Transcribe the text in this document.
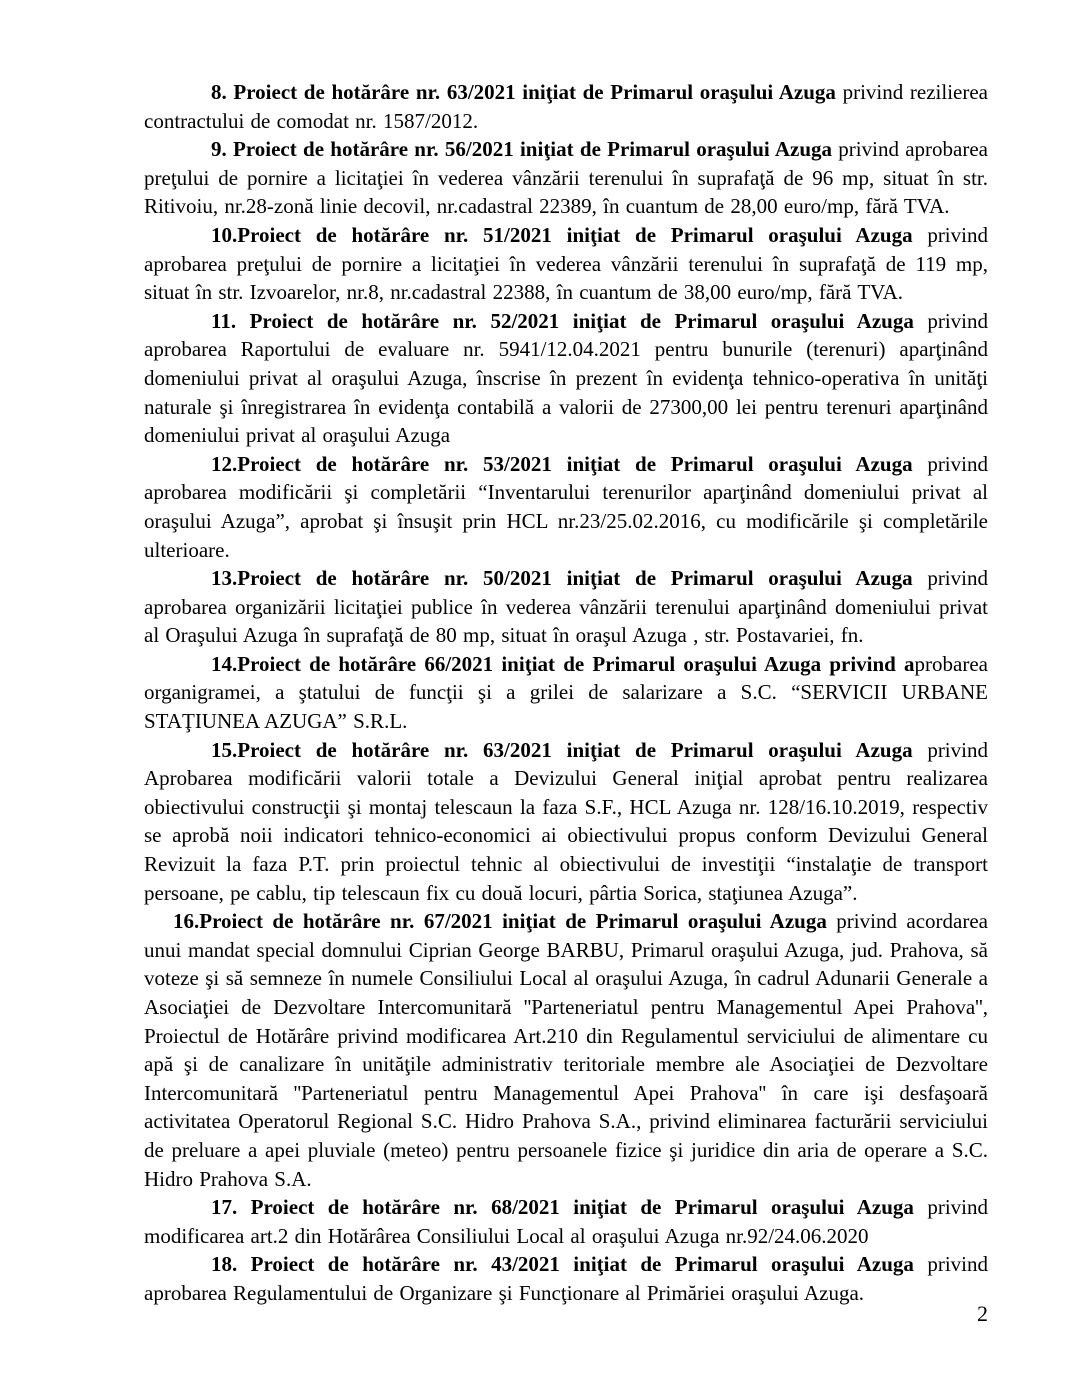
8. Proiect de hotărâre nr. 63/2021 iniţiat de Primarul oraşului Azuga privind rezilierea contractului de comodat nr. 1587/2012.

9. Proiect de hotărâre nr. 56/2021 iniţiat de Primarul oraşului Azuga privind aprobarea preţului de pornire a licitaţiei în vederea vânzării terenului în suprafaţă de 96 mp, situat în str. Ritivoiu, nr.28-zonă linie decovil, nr.cadastral 22389, în cuantum de 28,00 euro/mp, fără TVA.

10.Proiect de hotărâre nr. 51/2021 iniţiat de Primarul oraşului Azuga privind aprobarea preţului de pornire a licitaţiei în vederea vânzării terenului în suprafaţă de 119 mp, situat în str. Izvoarelor, nr.8, nr.cadastral 22388, în cuantum de 38,00 euro/mp, fără TVA.

11. Proiect de hotărâre nr. 52/2021 iniţiat de Primarul oraşului Azuga privind aprobarea Raportului de evaluare nr. 5941/12.04.2021 pentru bunurile (terenuri) aparţinând domeniului privat al oraşului Azuga, înscrise în prezent în evidenţa tehnico-operativa în unităţi naturale şi înregistrarea în evidenţa contabilă a valorii de 27300,00 lei pentru terenuri aparţinând domeniului privat al oraşului Azuga

12.Proiect de hotărâre nr. 53/2021 iniţiat de Primarul oraşului Azuga privind aprobarea modificării şi completării “Inventarului terenurilor aparţinând domeniului privat al oraşului Azuga”, aprobat şi însuşit prin HCL nr.23/25.02.2016, cu modificările şi completările ulterioare.

13.Proiect de hotărâre nr. 50/2021 iniţiat de Primarul oraşului Azuga privind aprobarea organizării licitaţiei publice în vederea vânzării terenului aparţinând domeniului privat al Oraşului Azuga în suprafaţă de 80 mp, situat în oraşul Azuga , str. Postavariei, fn.

14.Proiect de hotărâre 66/2021 iniţiat de Primarul oraşului Azuga privind aprobarea organigramei, a ştatului de funcţii şi a grilei de salarizare a S.C. “SERVICII URBANE STAŢIUNEA AZUGA” S.R.L.

15.Proiect de hotărâre nr. 63/2021 iniţiat de Primarul oraşului Azuga privind Aprobarea modificării valorii totale a Devizului General iniţial aprobat pentru realizarea obiectivului construcţii şi montaj telescaun la faza S.F., HCL Azuga nr. 128/16.10.2019, respectiv se aprobă noii indicatori tehnico-economici ai obiectivului propus conform Devizului General Revizuit la faza P.T. prin proiectul tehnic al obiectivului de investiţii “instalaţie de transport persoane, pe cablu, tip telescaun fix cu două locuri, pârtia Sorica, staţiunea Azuga”.

16.Proiect de hotărâre nr. 67/2021 iniţiat de Primarul oraşului Azuga privind acordarea unui mandat special domnului Ciprian George BARBU, Primarul oraşului Azuga, jud. Prahova, să voteze şi să semneze în numele Consiliului Local al oraşului Azuga, în cadrul Adunarii Generale a Asociaţiei de Dezvoltare Intercomunitară ''Parteneriatul pentru Managementul Apei Prahova'', Proiectul de Hotărâre privind modificarea Art.210 din Regulamentul serviciului de alimentare cu apă şi de canalizare în unităţile administrativ teritoriale membre ale Asociaţiei de Dezvoltare Intercomunitară ''Parteneriatul pentru Managementul Apei Prahova'' în care işi desfaşoară activitatea Operatorul Regional S.C. Hidro Prahova S.A., privind eliminarea facturării serviciului de preluare a apei pluviale (meteo) pentru persoanele fizice şi juridice din aria de operare a S.C. Hidro Prahova S.A.

17. Proiect de hotărâre nr. 68/2021 iniţiat de Primarul oraşului Azuga privind modificarea art.2 din Hotărârea Consiliului Local al oraşului Azuga nr.92/24.06.2020

18. Proiect de hotărâre nr. 43/2021 iniţiat de Primarul oraşului Azuga privind aprobarea Regulamentului de Organizare şi Funcţionare al Primăriei oraşului Azuga.

2
